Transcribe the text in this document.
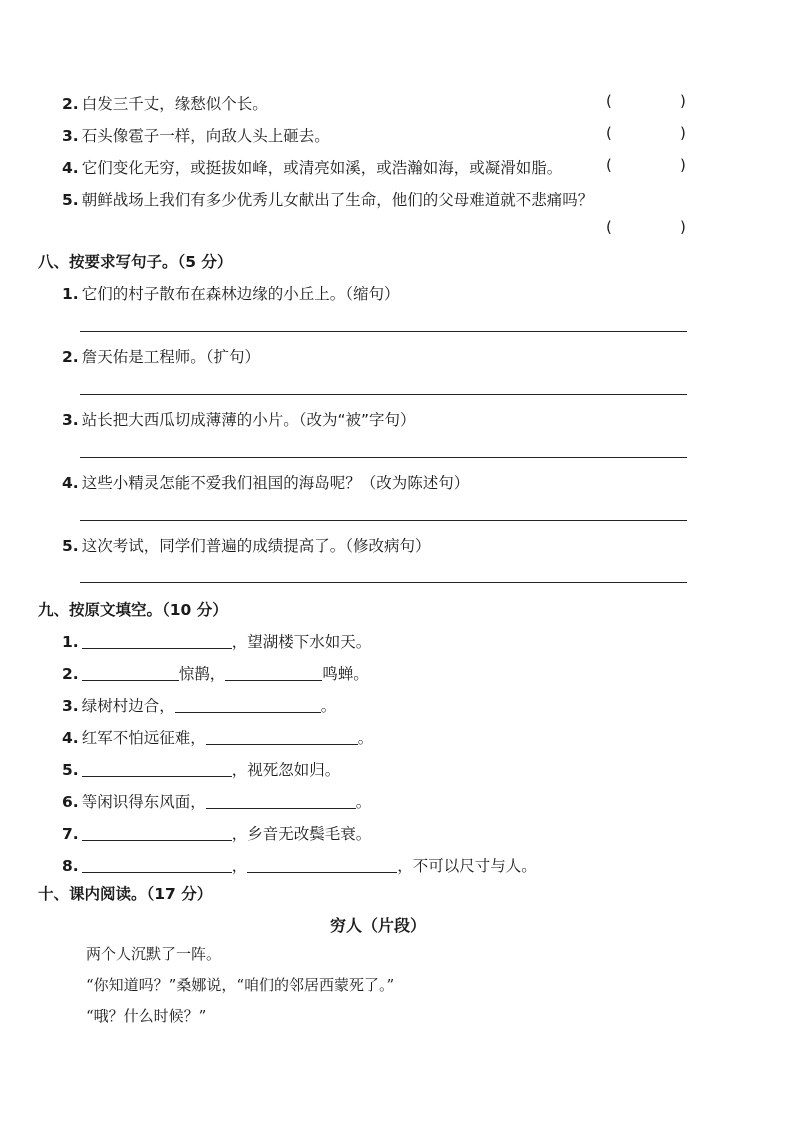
2. 白发三千丈，缘愁似个长。	(	)
3. 石头像雹子一样，向敌人头上砸去。	(	)
4. 它们变化无穷，或挺拔如峰，或清亮如溪，或浩瀚如海，或凝滑如脂。	(	)
5. 朝鲜战场上我们有多少优秀儿女献出了生命，他们的父母难道就不悲痛吗？
(	)
八、按要求写句子。（5 分）
1. 它们的村子散布在森林边缘的小丘上。（缩句）
2. 詹天佑是工程师。（扩句）
3. 站长把大西瓜切成薄薄的小片。（改为“被”字句）
4. 这些小精灵怎能不爱我们祖国的海岛呢？（改为陈述句）
5. 这次考试，同学们普遍的成绩提高了。（修改病句）
九、按原文填空。（10 分）
1.	，望湖楼下水如天。
2.	惊鹊，	鸣蝉。
3. 绿树村边合，	。
4. 红军不怕远征难，	。
5.	，视死忽如归。
6. 等闲识得东风面，	。
7.	，乡音无改鬓毛衰。
8.	，	，不可以尺寸与人。
十、课内阅读。（17 分）
穷人（片段）
两个人沉默了一阵。
“你知道吗？”桑娜说，“咱们的邻居西蒙死了。”
“哦？什么时候？”
